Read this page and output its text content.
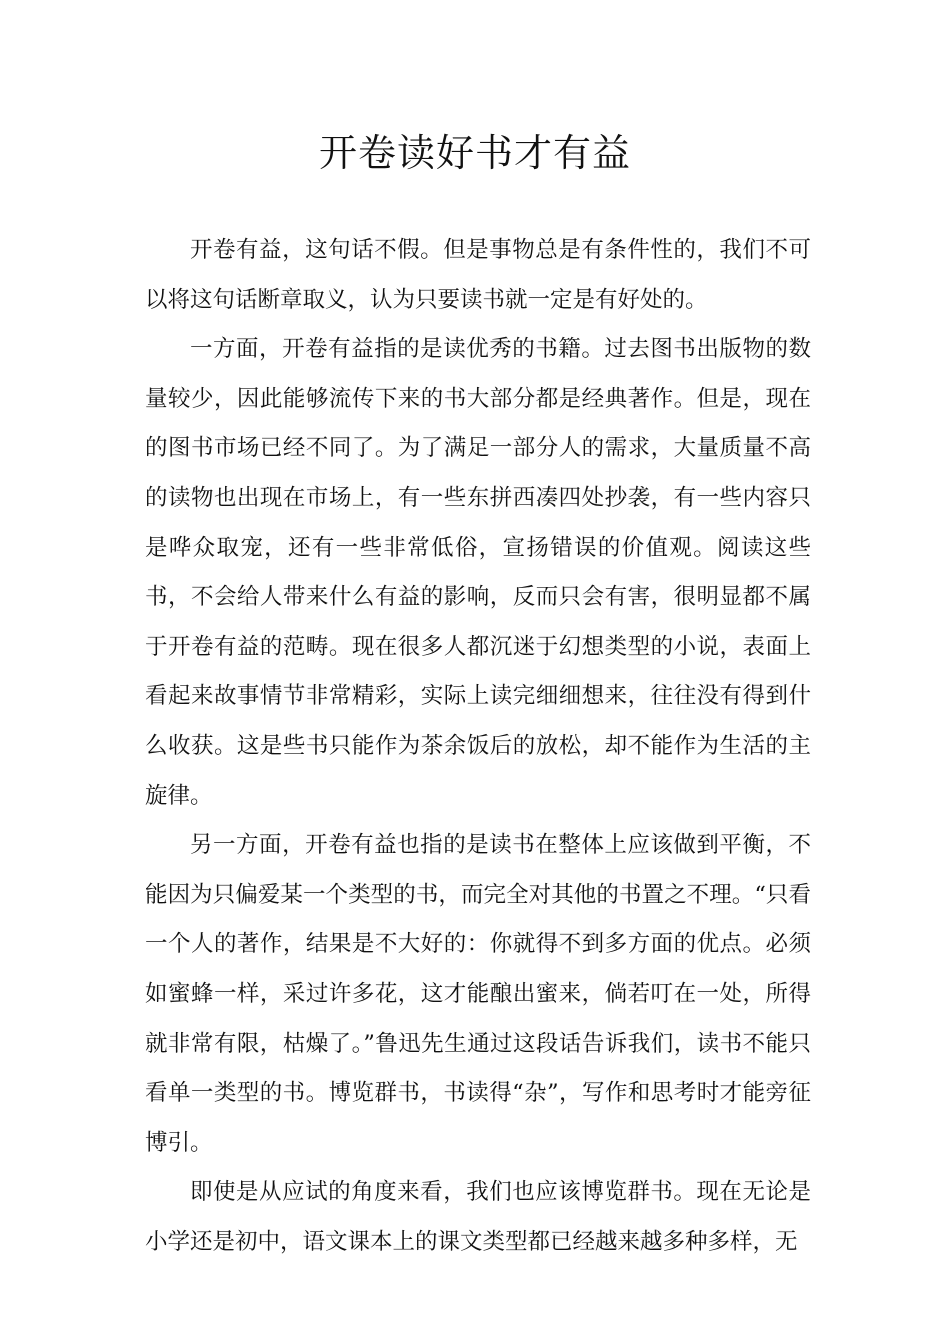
开卷读好书才有益

开卷有益，这句话不假。但是事物总是有条件性的，我们不可以将这句话断章取义，认为只要读书就一定是有好处的。

一方面，开卷有益指的是读优秀的书籍。过去图书出版物的数量较少，因此能够流传下来的书大部分都是经典著作。但是，现在的图书市场已经不同了。为了满足一部分人的需求，大量质量不高的读物也出现在市场上，有一些东拼西凑四处抄袭，有一些内容只是哗众取宠，还有一些非常低俗，宣扬错误的价值观。阅读这些书，不会给人带来什么有益的影响，反而只会有害，很明显都不属于开卷有益的范畴。现在很多人都沉迷于幻想类型的小说，表面上看起来故事情节非常精彩，实际上读完细细想来，往往没有得到什么收获。这是些书只能作为茶余饭后的放松，却不能作为生活的主旋律。

另一方面，开卷有益也指的是读书在整体上应该做到平衡，不能因为只偏爱某一个类型的书，而完全对其他的书置之不理。“只看一个人的著作，结果是不大好的：你就得不到多方面的优点。必须如蜜蜂一样，采过许多花，这才能酿出蜜来，倘若叮在一处，所得就非常有限，枯燥了。”鲁迅先生通过这段话告诉我们，读书不能只看单一类型的书。博览群书，书读得“杂”，写作和思考时才能旁征博引。

即使是从应试的角度来看，我们也应该博览群书。现在无论是小学还是初中，语文课本上的课文类型都已经越来越多种多样，无
